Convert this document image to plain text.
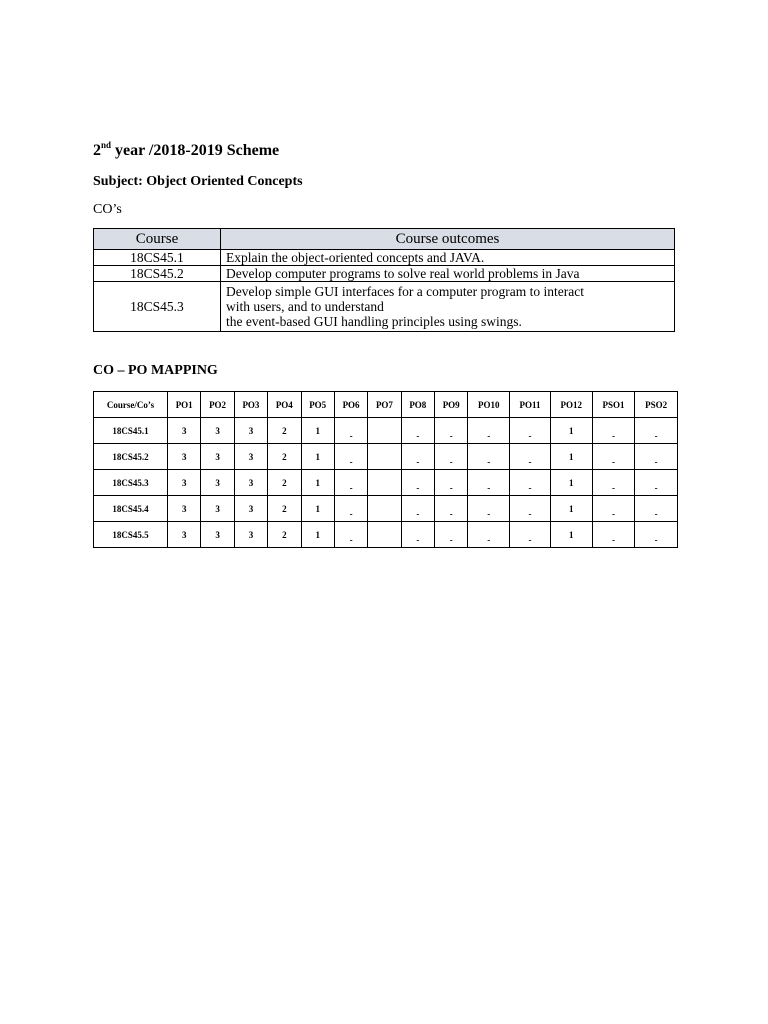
2nd year /2018-2019 Scheme
Subject: Object Oriented Concepts
CO’s
Course	Course outcomes
18CS45.1	Explain the object-oriented concepts and JAVA.
18CS45.2	Develop computer programs to solve real world problems in Java
18CS45.3	Develop simple GUI interfaces for a computer program to interact
with users, and to understand
the event-based GUI handling principles using swings.
CO – PO MAPPING
Course/Co’s	PO1	PO2	PO3	PO4	PO5	PO6	PO7	PO8	PO9	PO10	PO11	PO12	PSO1	PSO2
18CS45.1	3	3	3	2	1	-		-	-	-	-	1	-	-
18CS45.2	3	3	3	2	1	-		-	-	-	-	1	-	-
18CS45.3	3	3	3	2	1	-		-	-	-	-	1	-	-
18CS45.4	3	3	3	2	1	-		-	-	-	-	1	-	-
18CS45.5	3	3	3	2	1	-		-	-	-	-	1	-	-
